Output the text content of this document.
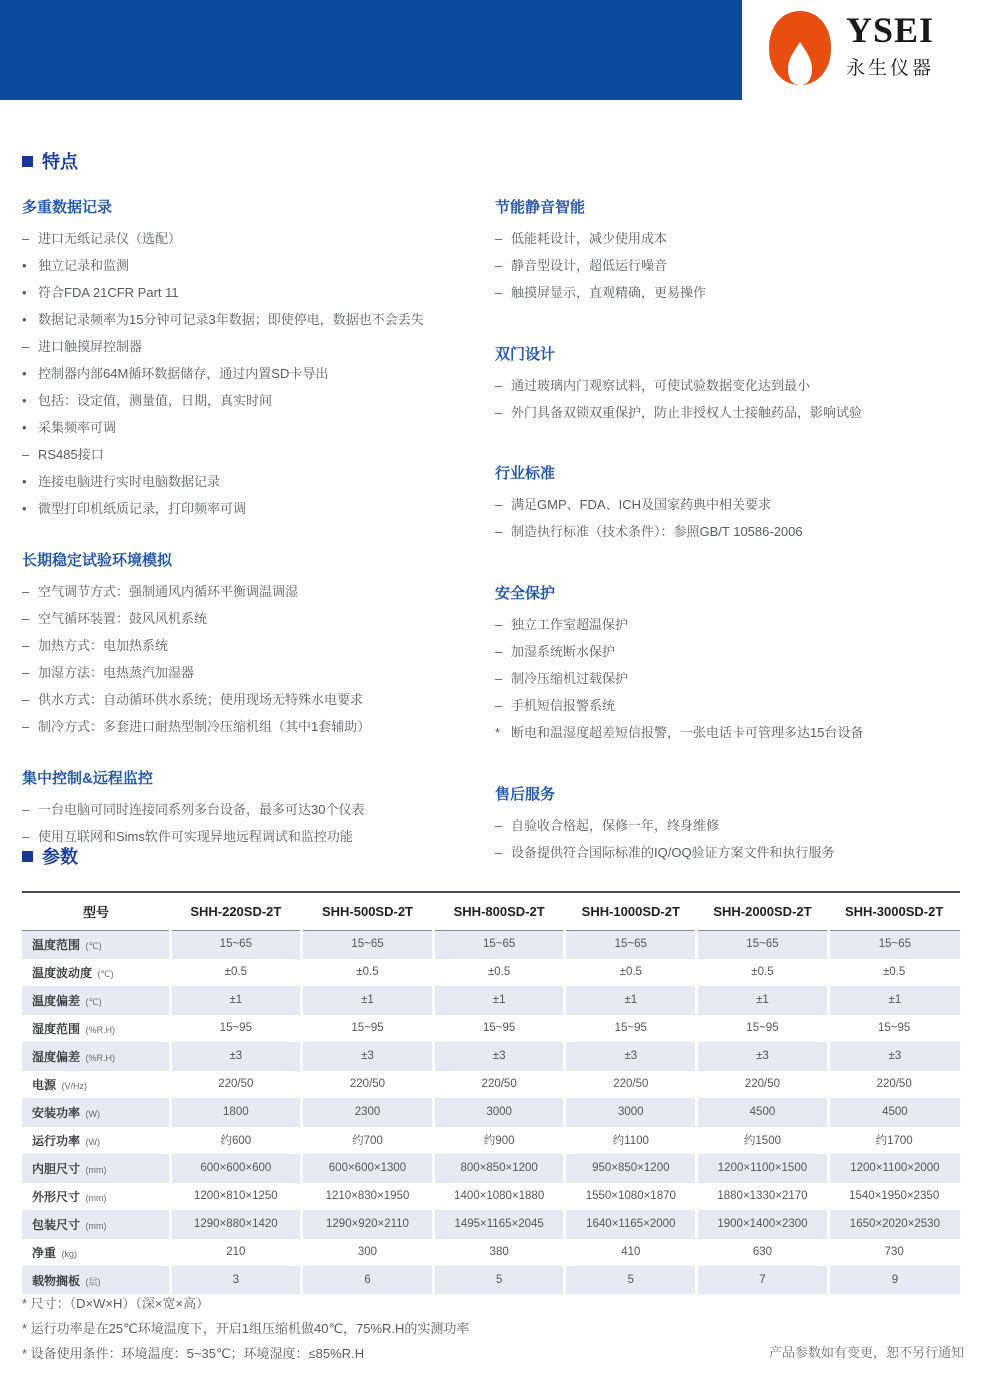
YSEI
永生仪器
特点
多重数据记录
– 进口无纸记录仪（选配）
• 独立记录和监测
• 符合FDA 21CFR Part 11
• 数据记录频率为15分钟可记录3年数据；即使停电，数据也不会丢失
– 进口触摸屏控制器
• 控制器内部64M循环数据储存，通过内置SD卡导出
• 包括：设定值，测量值，日期，真实时间
• 采集频率可调
– RS485接口
• 连接电脑进行实时电脑数据记录
• 微型打印机纸质记录，打印频率可调
长期稳定试验环境模拟
– 空气调节方式：强制通风内循环平衡调温调湿
– 空气循环装置：鼓风风机系统
– 加热方式：电加热系统
– 加湿方法：电热蒸汽加湿器
– 供水方式：自动循环供水系统；使用现场无特殊水电要求
– 制冷方式：多套进口耐热型制冷压缩机组（其中1套辅助）
集中控制&远程监控
– 一台电脑可同时连接同系列多台设备，最多可达30个仪表
– 使用互联网和Sims软件可实现异地远程调试和监控功能
节能静音智能
– 低能耗设计，减少使用成本
– 静音型设计，超低运行噪音
– 触摸屏显示，直观精确，更易操作
双门设计
– 通过玻璃内门观察试料，可使试验数据变化达到最小
– 外门具备双锁双重保护，防止非授权人士接触药品，影响试验
行业标准
– 满足GMP、FDA、ICH及国家药典中相关要求
– 制造执行标准（技术条件）：参照GB/T 10586-2006
安全保护
– 独立工作室超温保护
– 加湿系统断水保护
– 制冷压缩机过载保护
– 手机短信报警系统
* 断电和温湿度超差短信报警，一张电话卡可管理多达15台设备
售后服务
– 自验收合格起，保修一年，终身维修
– 设备提供符合国际标准的IQ/OQ验证方案文件和执行服务
参数
型号	SHH-220SD-2T	SHH-500SD-2T	SHH-800SD-2T	SHH-1000SD-2T	SHH-2000SD-2T	SHH-3000SD-2T
温度范围 (℃)	15~65	15~65	15~65	15~65	15~65	15~65
温度波动度 (℃)	±0.5	±0.5	±0.5	±0.5	±0.5	±0.5
温度偏差 (℃)	±1	±1	±1	±1	±1	±1
湿度范围 (%R.H)	15~95	15~95	15~95	15~95	15~95	15~95
湿度偏差 (%R.H)	±3	±3	±3	±3	±3	±3
电源 (V/Hz)	220/50	220/50	220/50	220/50	220/50	220/50
安装功率 (W)	1800	2300	3000	3000	4500	4500
运行功率 (W)	约600	约700	约900	约1100	约1500	约1700
内胆尺寸 (mm)	600×600×600	600×600×1300	800×850×1200	950×850×1200	1200×1100×1500	1200×1100×2000
外形尺寸 (mm)	1200×810×1250	1210×830×1950	1400×1080×1880	1550×1080×1870	1880×1330×2170	1540×1950×2350
包装尺寸 (mm)	1290×880×1420	1290×920×2110	1495×1165×2045	1640×1165×2000	1900×1400×2300	1650×2020×2530
净重 (kg)	210	300	380	410	630	730
载物搁板 (层)	3	6	5	5	7	9
* 尺寸：（D×W×H）（深×宽×高）
* 运行功率是在25℃环境温度下，开启1组压缩机做40℃，75%R.H的实测功率
* 设备使用条件：环境温度：5~35℃；环境湿度：≤85%R.H	产品参数如有变更，恕不另行通知
